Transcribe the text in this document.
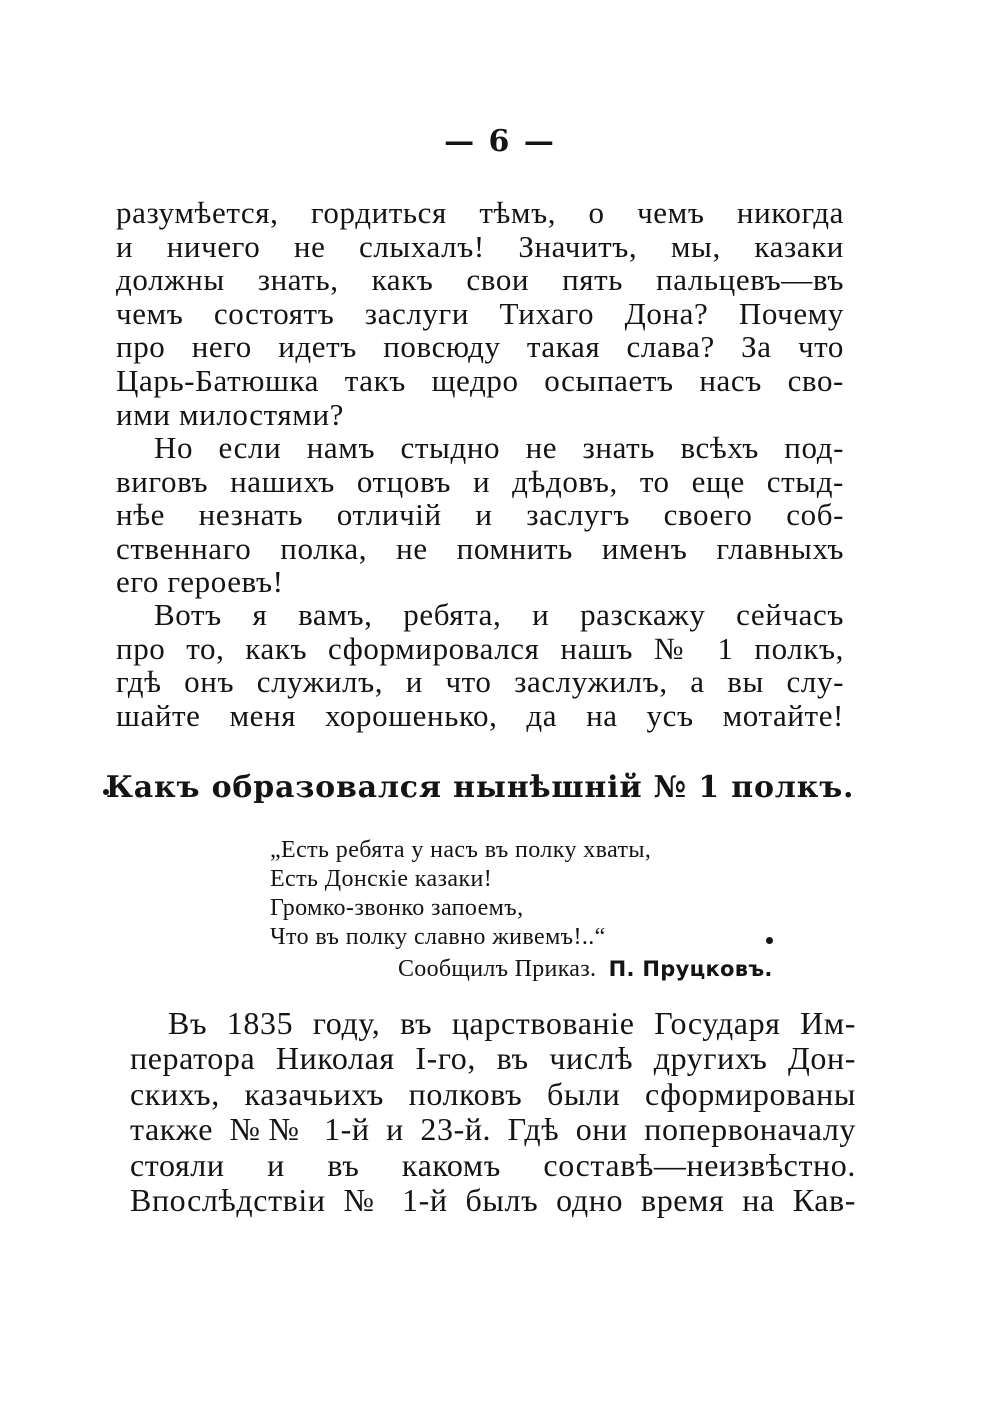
— 6 —
разумѣется, гордиться тѣмъ, о чемъ никогда
и ничего не слыхалъ! Значитъ, мы, казаки
должны знать, какъ свои пять пальцевъ—въ
чемъ состоятъ заслуги Тихаго Дона? Почему
про него идетъ повсюду такая слава? За что
Царь-Батюшка такъ щедро осыпаетъ насъ сво-
ими милостями?
Но если намъ стыдно не знать всѣхъ под-
виговъ нашихъ отцовъ и дѣдовъ, то еще стыд-
нѣе незнать отличій и заслугъ своего соб-
ственнаго полка, не помнить именъ главныхъ
его героевъ!
Вотъ я вамъ, ребята, и разскажу сейчасъ
про то, какъ сформировался нашъ № 1 полкъ,
гдѣ онъ служилъ, и что заслужилъ, а вы слу-
шайте меня хорошенько, да на усъ мотайте!
Какъ образовался нынѣшній № 1 полкъ.
„Есть ребята у насъ въ полку хваты,
Есть Донскіе казаки!
Громко-звонко запоемъ,
Что въ полку славно живемъ!..“
Сообщилъ Приказ. П. Пруцковъ.
Въ 1835 году, въ царствованіе Государя Им-
ператора Николая I-го, въ числѣ другихъ Дон-
скихъ, казачьихъ полковъ были сформированы
также №№ 1-й и 23-й. Гдѣ они попервоначалу
стояли и въ какомъ составѣ—неизвѣстно.
Впослѣдствіи № 1-й былъ одно время на Кав-
